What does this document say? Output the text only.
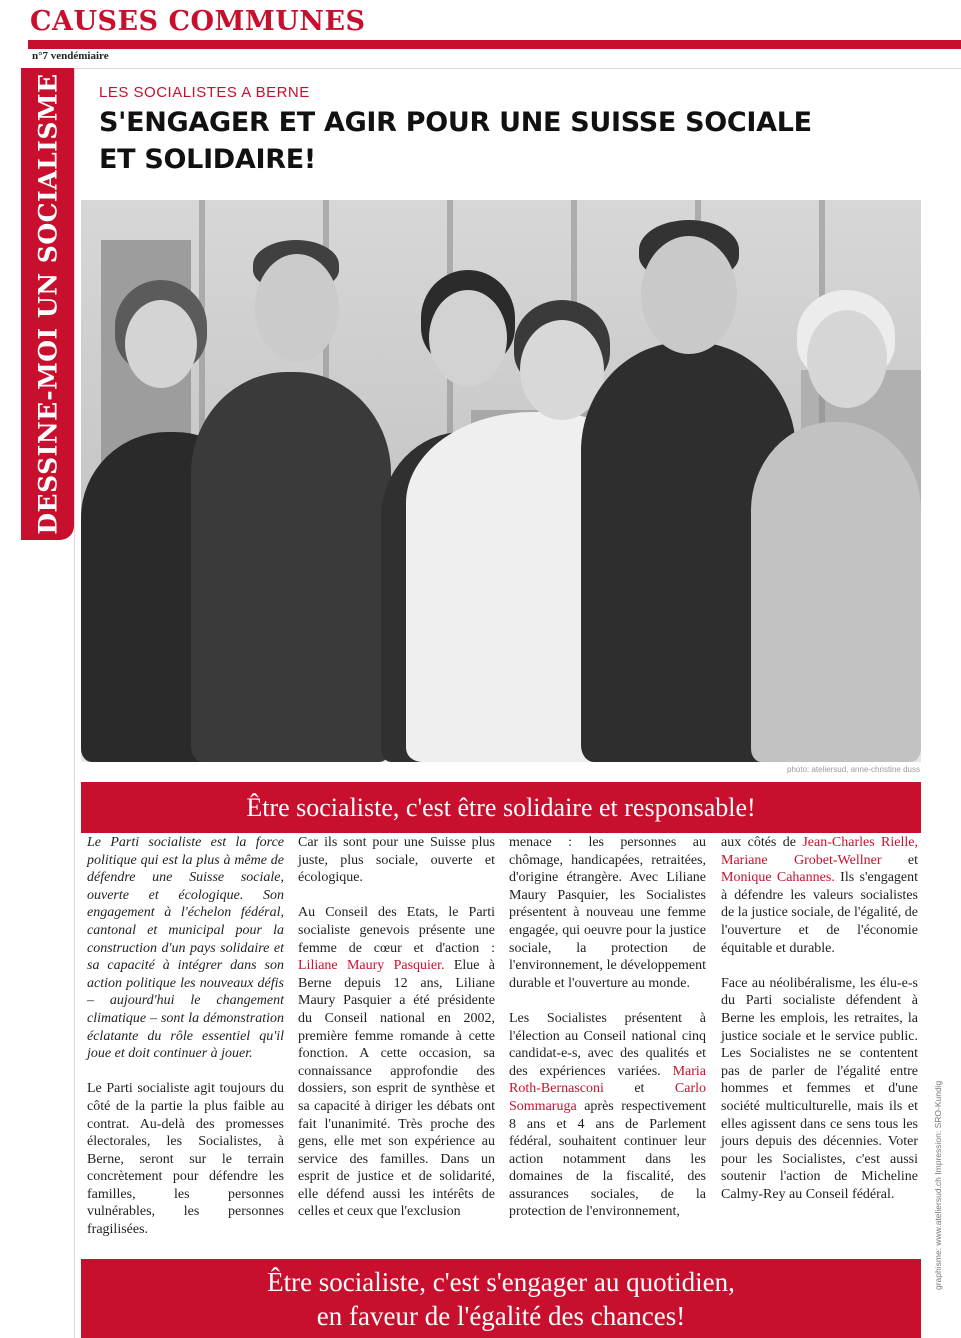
CAUSES COMMUNES
n°7 vendémiaire
DESSINE-MOI UN SOCIALISME LES SOCIALISTES A BERNE
S'ENGAGER ET AGIR POUR UNE SUISSE SOCIALE ET SOLIDAIRE!
photo: ateliersud, anne-christine duss
Être socialiste, c'est être solidaire et responsable!

Le Parti socialiste est la force politique qui est la plus à même de défendre une Suisse sociale, ouverte et écologique. Son engagement à l'échelon fédéral, cantonal et municipal pour la construction d'un pays solidaire et sa capacité à intégrer dans son action politique les nouveaux défis – aujourd'hui le changement climatique – sont la démonstration éclatante du rôle essentiel qu'il joue et doit continuer à jouer.

Le Parti socialiste agit toujours du côté de la partie la plus faible au contrat. Au-delà des promesses électorales, les Socialistes, à Berne, seront sur le terrain concrètement pour défendre les familles, les personnes vulnérables, les personnes fragilisées.

Car ils sont pour une Suisse plus juste, plus sociale, ouverte et écologique.

Au Conseil des Etats, le Parti socialiste genevois présente une femme de cœur et d'action : Liliane Maury Pasquier. Elue à Berne depuis 12 ans, Liliane Maury Pasquier a été présidente du Conseil national en 2002, première femme romande à cette fonction. A cette occasion, sa connaissance approfondie des dossiers, son esprit de synthèse et sa capacité à diriger les débats ont fait l'unanimité. Très proche des gens, elle met son expérience au service des familles. Dans un esprit de justice et de solidarité, elle défend aussi les intérêts de celles et ceux que l'exclusion

menace : les personnes au chômage, handicapées, retraitées, d'origine étrangère. Avec Liliane Maury Pasquier, les Socialistes présentent à nouveau une femme engagée, qui oeuvre pour la justice sociale, la protection de l'environnement, le développement durable et l'ouverture au monde.

Les Socialistes présentent à l'élection au Conseil national cinq candidat-e-s, avec des qualités et des expériences variées. Maria Roth-Bernasconi et Carlo Sommaruga après respectivement 8 ans et 4 ans de Parlement fédéral, souhaitent continuer leur action notamment dans les domaines de la fiscalité, des assurances sociales, de la protection de l'environnement,

aux côtés de Jean-Charles Rielle, Mariane Grobet-Wellner et Monique Cahannes. Ils s'engagent à défendre les valeurs socialistes de la justice sociale, de l'égalité, de l'ouverture et de l'économie équitable et durable.

Face au néolibéralisme, les élu-e-s du Parti socialiste défendent à Berne les emplois, les retraites, la justice sociale et le service public. Les Socialistes ne se contentent pas de parler de l'égalité entre hommes et femmes et d'une société multiculturelle, mais ils et elles agissent dans ce sens tous les jours depuis des décennies. Voter pour les Socialistes, c'est aussi soutenir l'action de Micheline Calmy-Rey au Conseil fédéral.

Être socialiste, c'est s'engager au quotidien,
en faveur de l'égalité des chances!
graphisme: www.ateliersud.ch Impression: SRO-Kundig
